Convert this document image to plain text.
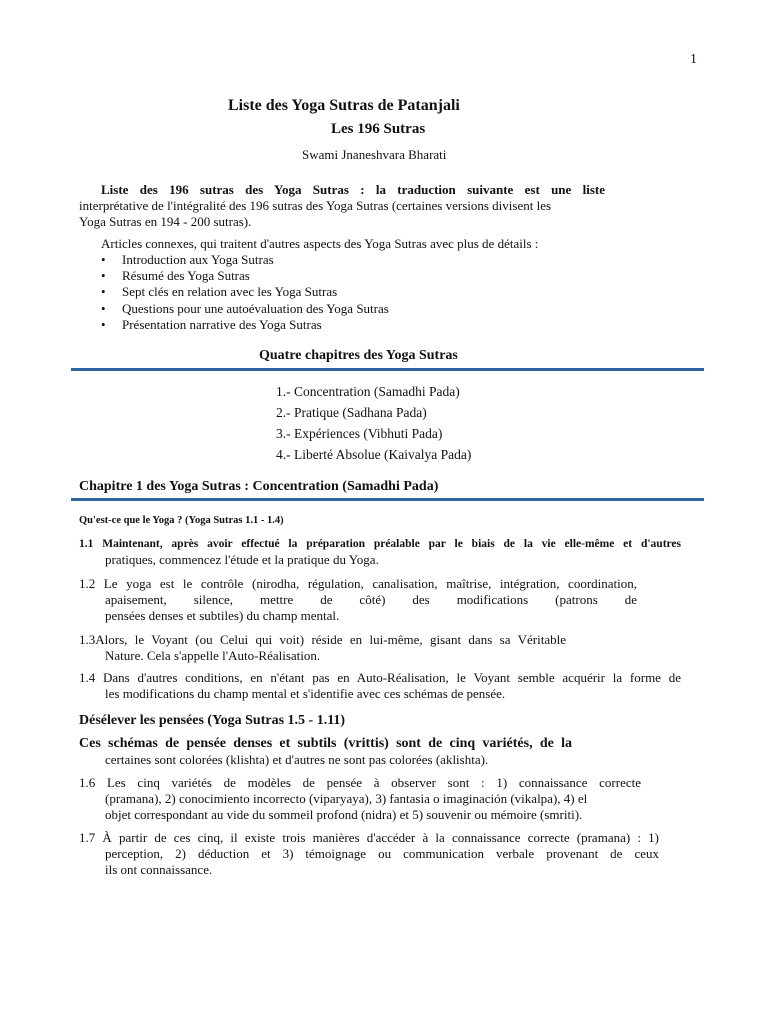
1
Liste des Yoga Sutras de Patanjali
Les 196 Sutras
Swami Jnaneshvara Bharati
Liste des 196 sutras des Yoga Sutras : la traduction suivante est une liste
interprétative de l'intégralité des 196 sutras des Yoga Sutras (certaines versions divisent les
Yoga Sutras en 194 - 200 sutras).
Articles connexes, qui traitent d'autres aspects des Yoga Sutras avec plus de détails :
• Introduction aux Yoga Sutras
• Résumé des Yoga Sutras
• Sept clés en relation avec les Yoga Sutras
• Questions pour une autoévaluation des Yoga Sutras
• Présentation narrative des Yoga Sutras
Quatre chapitres des Yoga Sutras
1.- Concentration (Samadhi Pada)
2.- Pratique (Sadhana Pada)
3.- Expériences (Vibhuti Pada)
4.- Liberté Absolue (Kaivalya Pada)
Chapitre 1 des Yoga Sutras : Concentration (Samadhi Pada)
Qu'est-ce que le Yoga ? (Yoga Sutras 1.1 - 1.4)
1.1 Maintenant, après avoir effectué la préparation préalable par le biais de la vie elle-même et d'autres
pratiques, commencez l'étude et la pratique du Yoga.
1.2 Le yoga est le contrôle (nirodha, régulation, canalisation, maîtrise, intégration, coordination,
apaisement, silence, mettre de côté) des modifications (patrons de
pensées denses et subtiles) du champ mental.
1.3Alors, le Voyant (ou Celui qui voit) réside en lui-même, gisant dans sa Véritable
Nature. Cela s'appelle l'Auto-Réalisation.
1.4 Dans d'autres conditions, en n'étant pas en Auto-Réalisation, le Voyant semble acquérir la forme de
les modifications du champ mental et s'identifie avec ces schémas de pensée.
Désélever les pensées (Yoga Sutras 1.5 - 1.11)
Ces schémas de pensée denses et subtils (vrittis) sont de cinq variétés, de la
certaines sont colorées (klishta) et d'autres ne sont pas colorées (aklishta).
1.6 Les cinq variétés de modèles de pensée à observer sont : 1) connaissance correcte
(pramana), 2) conocimiento incorrecto (viparyaya), 3) fantasia o imaginación (vikalpa), 4) el
objet correspondant au vide du sommeil profond (nidra) et 5) souvenir ou mémoire (smriti).
1.7 À partir de ces cinq, il existe trois manières d'accéder à la connaissance correcte (pramana) : 1)
perception, 2) déduction et 3) témoignage ou communication verbale provenant de ceux
ils ont connaissance.
